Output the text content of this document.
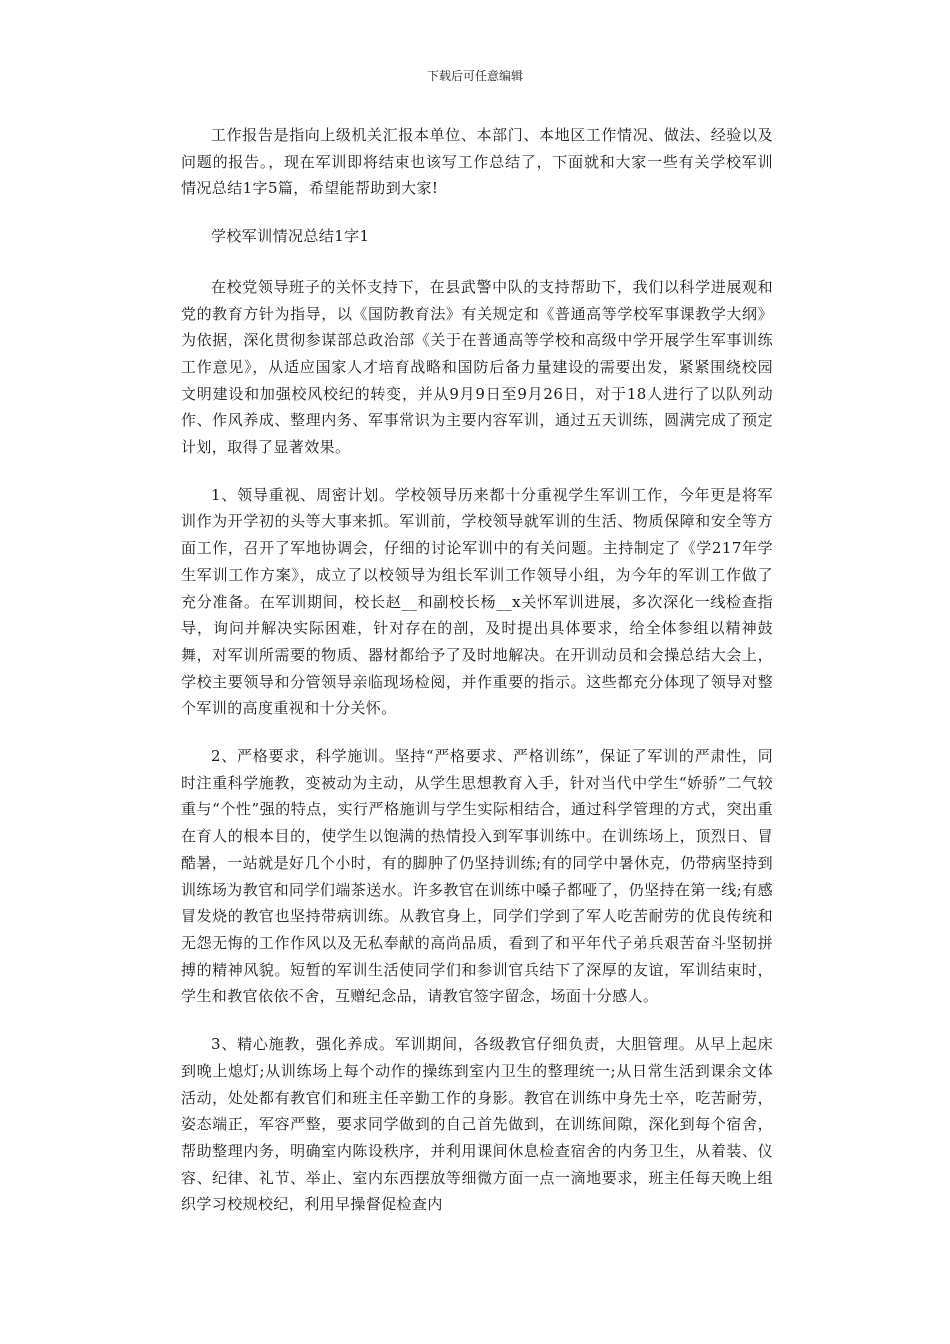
下载后可任意编辑

工作报告是指向上级机关汇报本单位、本部门、本地区工作情况、做法、经验以及问题的报告。，现在军训即将结束也该写工作总结了，下面就和大家一些有关学校军训情况总结1字5篇，希望能帮助到大家!

学校军训情况总结1字1

在校党领导班子的关怀支持下，在县武警中队的支持帮助下，我们以科学进展观和党的教育方针为指导，以《国防教育法》有关规定和《普通高等学校军事课教学大纲》为依据，深化贯彻参谋部总政治部《关于在普通高等学校和高级中学开展学生军事训练工作意见》，从适应国家人才培育战略和国防后备力量建设的需要出发，紧紧围绕校园文明建设和加强校风校纪的转变，并从9月9日至9月26日，对于18人进行了以队列动作、作风养成、整理内务、军事常识为主要内容军训，通过五天训练，圆满完成了预定计划，取得了显著效果。

1、领导重视、周密计划。学校领导历来都十分重视学生军训工作，今年更是将军训作为开学初的头等大事来抓。军训前，学校领导就军训的生活、物质保障和安全等方面工作，召开了军地协调会，仔细的讨论军训中的有关问题。主持制定了《学217年学生军训工作方案》，成立了以校领导为组长军训工作领导小组，为今年的军训工作做了充分准备。在军训期间，校长赵__和副校长杨__x关怀军训进展，多次深化一线检查指导，询问并解决实际困难，针对存在的剖，及时提出具体要求，给全体参组以精神鼓舞，对军训所需要的物质、器材都给予了及时地解决。在开训动员和会操总结大会上，学校主要领导和分管领导亲临现场检阅，并作重要的指示。这些都充分体现了领导对整个军训的高度重视和十分关怀。

2、严格要求，科学施训。坚持“严格要求、严格训练”，保证了军训的严肃性，同时注重科学施教，变被动为主动，从学生思想教育入手，针对当代中学生“娇骄”二气较重与“个性”强的特点，实行严格施训与学生实际相结合，通过科学管理的方式，突出重在育人的根本目的，使学生以饱满的热情投入到军事训练中。在训练场上，顶烈日、冒酷暑，一站就是好几个小时，有的脚肿了仍坚持训练;有的同学中暑休克，仍带病坚持到训练场为教官和同学们端茶送水。许多教官在训练中嗓子都哑了，仍坚持在第一线;有感冒发烧的教官也坚持带病训练。从教官身上，同学们学到了军人吃苦耐劳的优良传统和无怨无悔的工作作风以及无私奉献的高尚品质，看到了和平年代子弟兵艰苦奋斗坚韧拼搏的精神风貌。短暂的军训生活使同学们和参训官兵结下了深厚的友谊，军训结束时，学生和教官依依不舍，互赠纪念品，请教官签字留念，场面十分感人。

3、精心施教，强化养成。军训期间，各级教官仔细负责，大胆管理。从早上起床到晚上熄灯;从训练场上每个动作的操练到室内卫生的整理统一;从日常生活到课余文体活动，处处都有教官们和班主任辛勤工作的身影。教官在训练中身先士卒，吃苦耐劳，姿态端正，军容严整，要求同学做到的自己首先做到，在训练间隙，深化到每个宿舍，帮助整理内务，明确室内陈设秩序，并利用课间休息检查宿舍的内务卫生，从着装、仪容、纪律、礼节、举止、室内东西摆放等细微方面一点一滴地要求，班主任每天晚上组织学习校规校纪，利用早操督促检查内
